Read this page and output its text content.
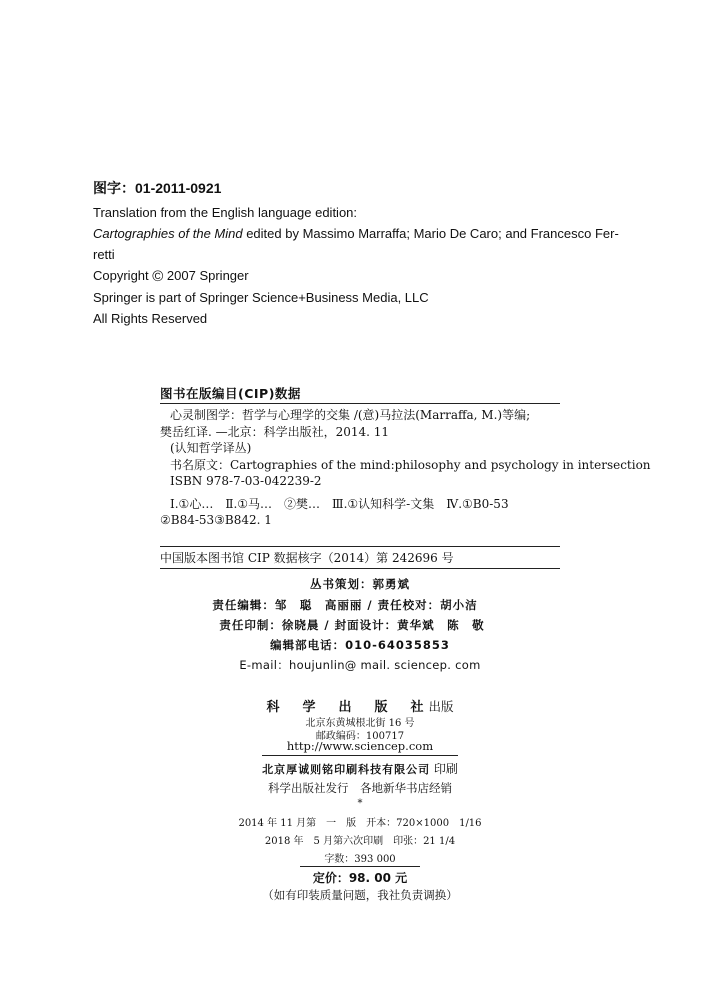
图字：01-2011-0921
Translation from the English language edition:
Cartographies of the Mind edited by Massimo Marraffa; Mario De Caro; and Francesco Fer-
retti
Copyright © 2007 Springer
Springer is part of Springer Science+Business Media, LLC
All Rights Reserved
图书在版编目(CIP)数据
心灵制图学：哲学与心理学的交集 /(意)马拉法(Marraffa, M.)等编;
樊岳红译. —北京：科学出版社，2014. 11
(认知哲学译丛)
书名原文：Cartographies of the mind:philosophy and psychology in intersection
ISBN 978-7-03-042239-2
Ⅰ.①心…　Ⅱ.①马…　②樊…　Ⅲ.①认知科学-文集　Ⅳ.①B0-53
②B84-53③B842. 1
中国版本图书馆 CIP 数据核字（2014）第 242696 号
丛书策划：郭勇斌
责任编辑：邹　聪　高丽丽 / 责任校对：胡小洁
责任印制：徐晓晨 / 封面设计：黄华斌　陈　敬
编辑部电话：010-64035853
E-mail：houjunlin@ mail. sciencep. com
科　学　出　版　社出版
北京东黄城根北街 16 号
邮政编码：100717
http://www.sciencep.com
北京厚诚则铭印刷科技有限公司 印刷
科学出版社发行　各地新华书店经销
*
2014 年 11 月第　一　版　开本：720×1000　1/16
2018 年　5 月第六次印刷　印张：21 1/4
字数：393 000
定价：98. 00 元
（如有印装质量问题，我社负责调换）
